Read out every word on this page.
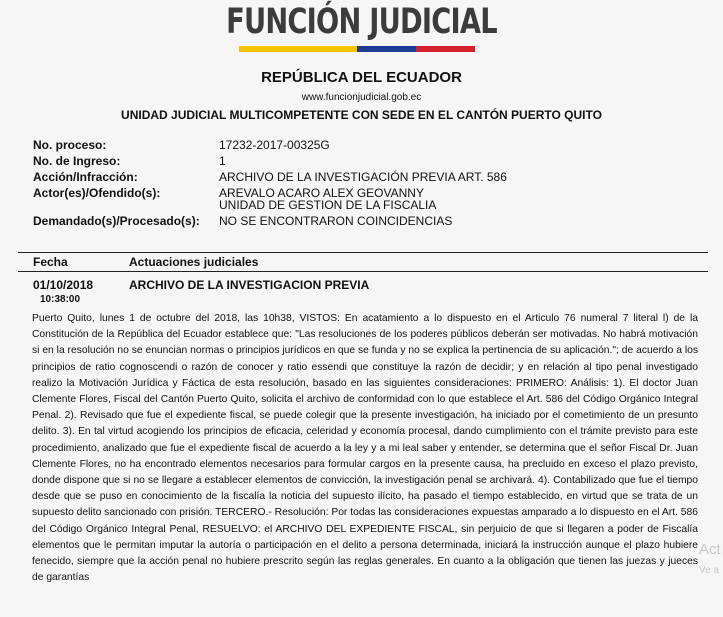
FUNCIÓN JUDICIAL
REPÚBLICA DEL ECUADOR
www.funcionjudicial.gob.ec
UNIDAD JUDICIAL MULTICOMPETENTE CON SEDE EN EL CANTÓN PUERTO QUITO
No. proceso:	17232-2017-00325G
No. de Ingreso:	1
Acción/Infracción:	ARCHIVO DE LA INVESTIGACIÓN PREVIA ART. 586
Actor(es)/Ofendido(s):	AREVALO ACARO ALEX GEOVANNY
UNIDAD DE GESTION DE LA FISCALIA
Demandado(s)/Procesado(s): NO SE ENCONTRARON COINCIDENCIAS
Fecha	Actuaciones judiciales
01/10/2018	ARCHIVO DE LA INVESTIGACION PREVIA
10:38:00
Puerto Quito, lunes 1 de octubre del 2018, las 10h38, VISTOS: En acatamiento a lo dispuesto en el Articulo 76 numeral 7 literal l) de la Constitución de la República del Ecuador establece que: "Las resoluciones de los poderes públicos deberán ser motivadas. No habrá motivación si en la resolución no se enuncian normas o principios jurídicos en que se funda y no se explica la pertinencia de su aplicación."; de acuerdo a los principios de ratio cognoscendi o razón de conocer y ratio essendi que constituye la razón de decidir; y en relación al tipo penal investigado realizo la Motivación Jurídica y Fáctica de esta resolución, basado en las siguientes consideraciones: PRIMERO: Análisis: 1). El doctor Juan Clemente Flores, Fiscal del Cantón Puerto Quito, solicita el archivo de conformidad con lo que establece el Art. 586 del Código Orgánico Integral Penal. 2). Revisado que fue el expediente fiscal, se puede colegir que la presente investigación, ha iniciado por el cometimiento de un presunto delito. 3). En tal virtud acogiendo los principios de eficacia, celeridad y economía procesal, dando cumplimiento con el trámite previsto para este procedimiento, analizado que fue el expediente fiscal de acuerdo a la ley y a mi leal saber y entender, se determina que el señor Fiscal Dr. Juan Clemente Flores, no ha encontrado elementos necesarios para formular cargos en la presente causa, ha precluido en exceso el plazo previsto, donde dispone que si no se llegare a establecer elementos de convicción, la investigación penal se archivará. 4). Contabilizado que fue el tiempo desde que se puso en conocimiento de la fiscalía la noticia del supuesto ilícito, ha pasado el tiempo establecido, en virtud que se trata de un supuesto delito sancionado con prisión. TERCERO.- Resolución: Por todas las consideraciones expuestas amparado a lo dispuesto en el Art. 586 del Código Orgánico Integral Penal, RESUELVO: el ARCHIVO DEL EXPEDIENTE FISCAL, sin perjuicio de que si llegaren a poder de Fiscalía elementos que le permitan imputar la autoría o participación en el delito a persona determinada, iniciará la instrucción aunque el plazo hubiere fenecido, siempre que la acción penal no hubiere prescrito según las reglas generales. En cuanto a la obligación que tienen las juezas y jueces de garantías
Act
Ve a
